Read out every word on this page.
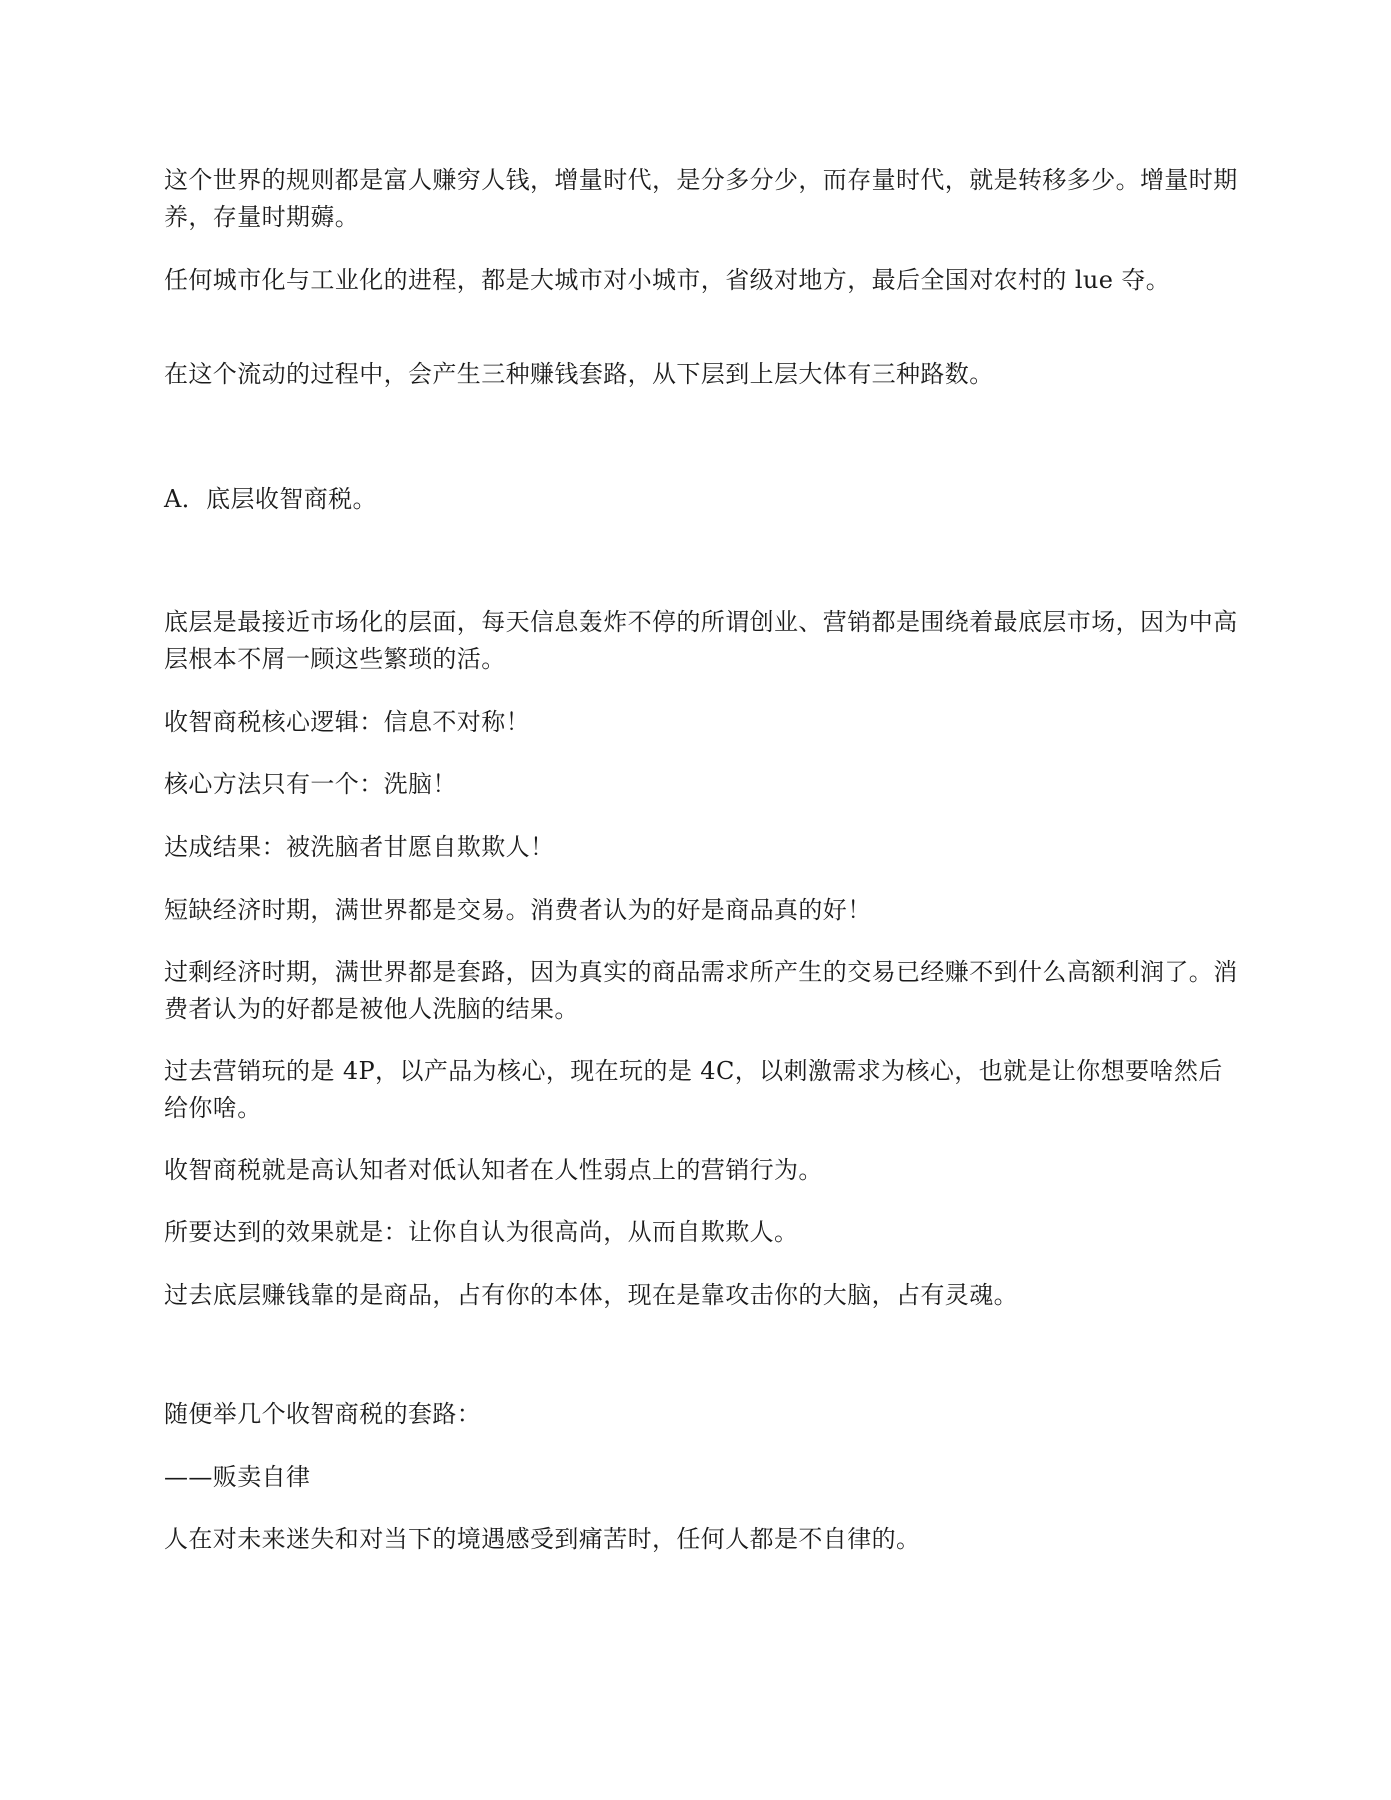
这个世界的规则都是富人赚穷人钱，增量时代，是分多分少，而存量时代，就是转移多少。增量时期养，存量时期薅。

任何城市化与工业化的进程，都是大城市对小城市，省级对地方，最后全国对农村的 lue 夺。

在这个流动的过程中，会产生三种赚钱套路，从下层到上层大体有三种路数。

A．底层收智商税。

底层是最接近市场化的层面，每天信息轰炸不停的所谓创业、营销都是围绕着最底层市场，因为中高层根本不屑一顾这些繁琐的活。

收智商税核心逻辑：信息不对称！

核心方法只有一个：洗脑！

达成结果：被洗脑者甘愿自欺欺人！

短缺经济时期，满世界都是交易。消费者认为的好是商品真的好！

过剩经济时期，满世界都是套路，因为真实的商品需求所产生的交易已经赚不到什么高额利润了。消费者认为的好都是被他人洗脑的结果。

过去营销玩的是 4P，以产品为核心，现在玩的是 4C，以刺激需求为核心，也就是让你想要啥然后给你啥。

收智商税就是高认知者对低认知者在人性弱点上的营销行为。

所要达到的效果就是：让你自认为很高尚，从而自欺欺人。

过去底层赚钱靠的是商品，占有你的本体，现在是靠攻击你的大脑，占有灵魂。

随便举几个收智商税的套路：

——贩卖自律

人在对未来迷失和对当下的境遇感受到痛苦时，任何人都是不自律的。
